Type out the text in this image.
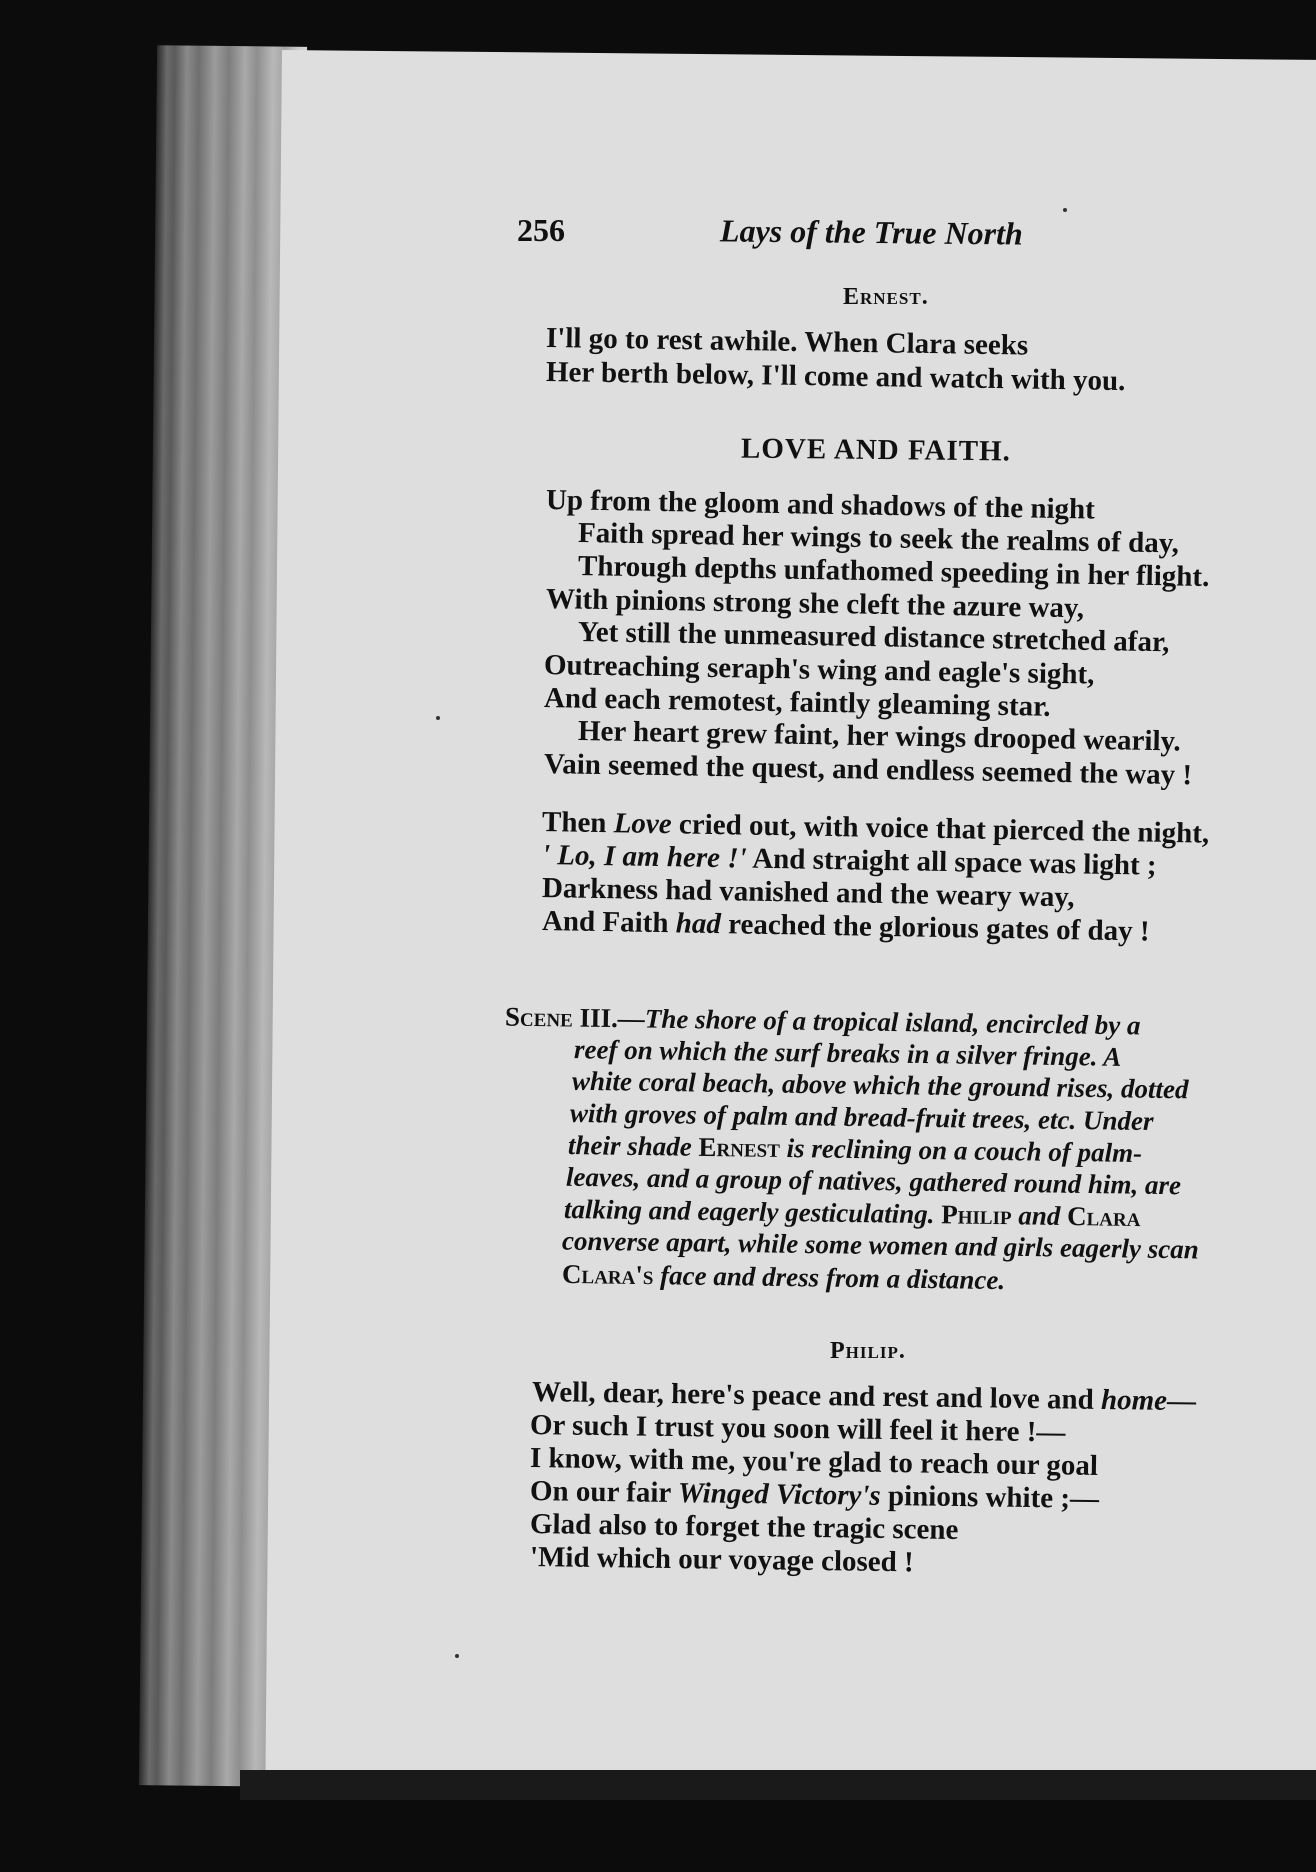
256	Lays of the True North
Ernest.
I'll go to rest awhile. When Clara seeks
Her berth below, I'll come and watch with you.
LOVE AND FAITH.
Up from the gloom and shadows of the night
Faith spread her wings to seek the realms of day,
Through depths unfathomed speeding in her flight.
With pinions strong she cleft the azure way,
Yet still the unmeasured distance stretched afar,
Outreaching seraph's wing and eagle's sight,
And each remotest, faintly gleaming star.
Her heart grew faint, her wings drooped wearily.
Vain seemed the quest, and endless seemed the way !
Then Love cried out, with voice that pierced the night,
' Lo, I am here !' And straight all space was light ;
Darkness had vanished and the weary way,
And Faith had reached the glorious gates of day !
Scene III.—The shore of a tropical island, encircled by a
reef on which the surf breaks in a silver fringe. A
white coral beach, above which the ground rises, dotted
with groves of palm and bread-fruit trees, etc. Under
their shade Ernest is reclining on a couch of palm-
leaves, and a group of natives, gathered round him, are
talking and eagerly gesticulating. Philip and Clara
converse apart, while some women and girls eagerly scan
Clara's face and dress from a distance.
Philip.
Well, dear, here's peace and rest and love and home—
Or such I trust you soon will feel it here !—
I know, with me, you're glad to reach our goal
On our fair Winged Victory's pinions white ;—
Glad also to forget the tragic scene
'Mid which our voyage closed !
